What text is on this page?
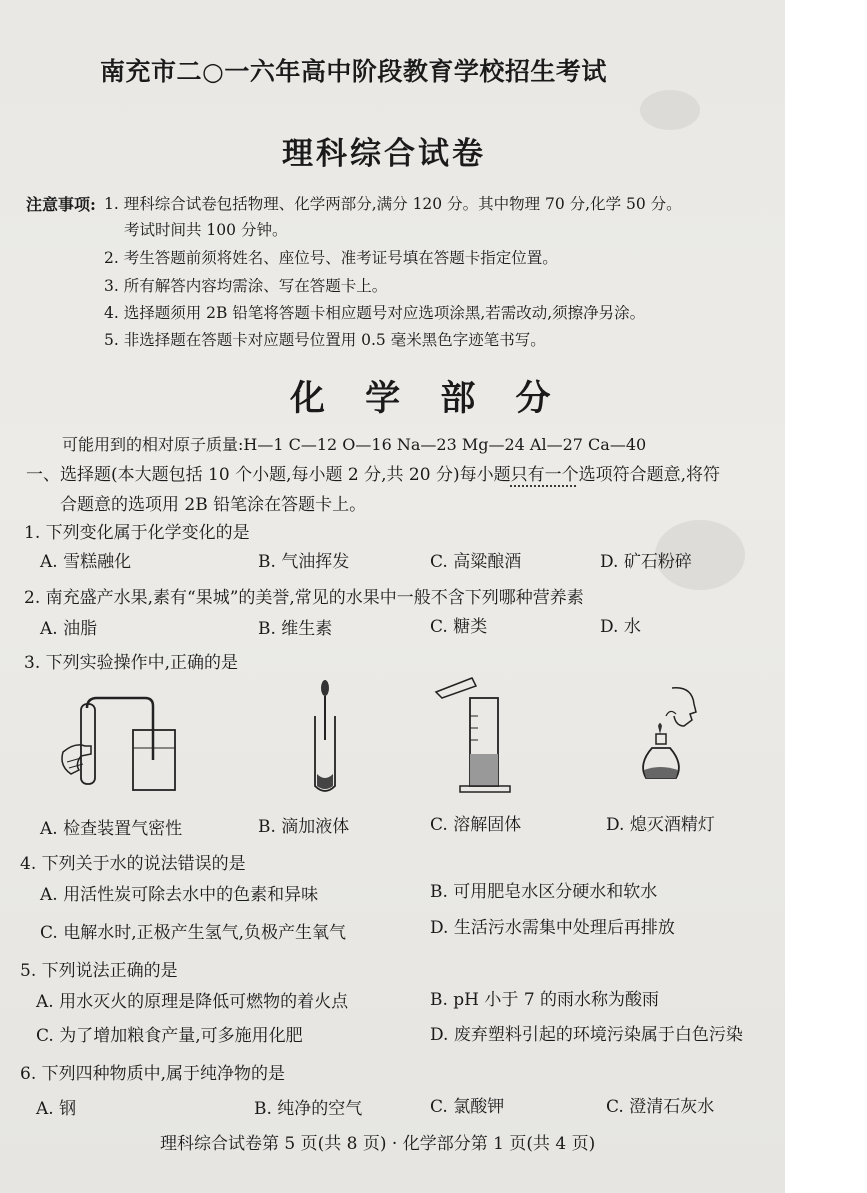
南充市二○一六年高中阶段教育学校招生考试
理科综合试卷
注意事项: 1. 理科综合试卷包括物理、化学两部分,满分 120 分。其中物理 70 分,化学 50 分。
考试时间共 100 分钟。
2. 考生答题前须将姓名、座位号、准考证号填在答题卡指定位置。
3. 所有解答内容均需涂、写在答题卡上。
4. 选择题须用 2B 铅笔将答题卡相应题号对应选项涂黑,若需改动,须擦净另涂。
5. 非选择题在答题卡对应题号位置用 0.5 毫米黑色字迹笔书写。
化 学 部 分
可能用到的相对原子质量:H—1 C—12 O—16 Na—23 Mg—24 Al—27 Ca—40
一、选择题(本大题包括 10 个小题,每小题 2 分,共 20 分)每小题只有一个选项符合题意,将符
合题意的选项用 2B 铅笔涂在答题卡上。
1. 下列变化属于化学变化的是
A. 雪糕融化	B. 气油挥发	C. 高粱酿酒	D. 矿石粉碎
2. 南充盛产水果,素有“果城”的美誉,常见的水果中一般不含下列哪种营养素
A. 油脂	B. 维生素	C. 糖类	D. 水
3. 下列实验操作中,正确的是
A. 检查装置气密性	B. 滴加液体	C. 溶解固体	D. 熄灭酒精灯
4. 下列关于水的说法错误的是
A. 用活性炭可除去水中的色素和异味	B. 可用肥皂水区分硬水和软水
C. 电解水时,正极产生氢气,负极产生氧气	D. 生活污水需集中处理后再排放
5. 下列说法正确的是
A. 用水灭火的原理是降低可燃物的着火点	B. pH 小于 7 的雨水称为酸雨
C. 为了增加粮食产量,可多施用化肥	D. 废弃塑料引起的环境污染属于白色污染
6. 下列四种物质中,属于纯净物的是
A. 钢	B. 纯净的空气	C. 氯酸钾	C. 澄清石灰水
理科综合试卷第 5 页(共 8 页) · 化学部分第 1 页(共 4 页)
